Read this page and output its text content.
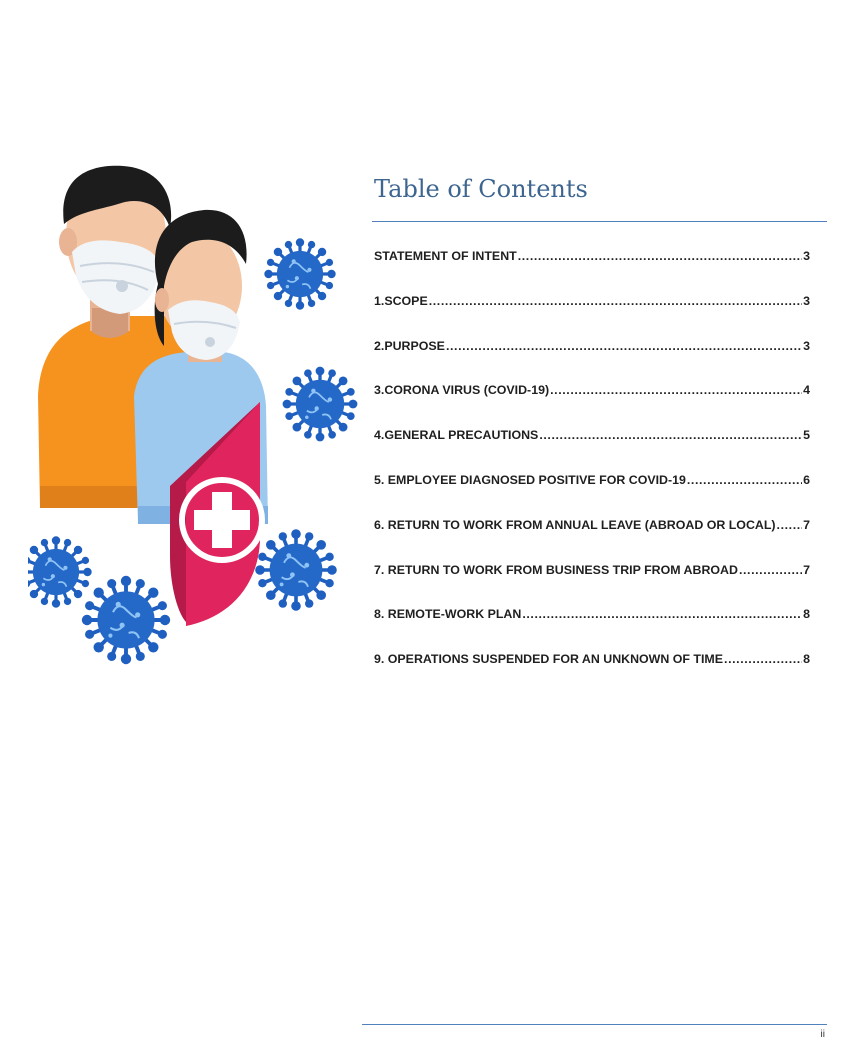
Table of Contents
STATEMENT OF INTENT .....	3
1.SCOPE .....	3
2.PURPOSE .....	3
3.CORONA VIRUS (COVID-19) .....	4
4.GENERAL PRECAUTIONS .....	5
5. EMPLOYEE DIAGNOSED POSITIVE FOR COVID-19 .....	6
6. RETURN TO WORK FROM ANNUAL LEAVE (ABROAD OR LOCAL) ..... 7
7. RETURN TO WORK FROM BUSINESS TRIP FROM ABROAD .....	7
8. REMOTE-WORK PLAN .....	8
9. OPERATIONS SUSPENDED FOR AN UNKNOWN OF TIME .....	8
ii
